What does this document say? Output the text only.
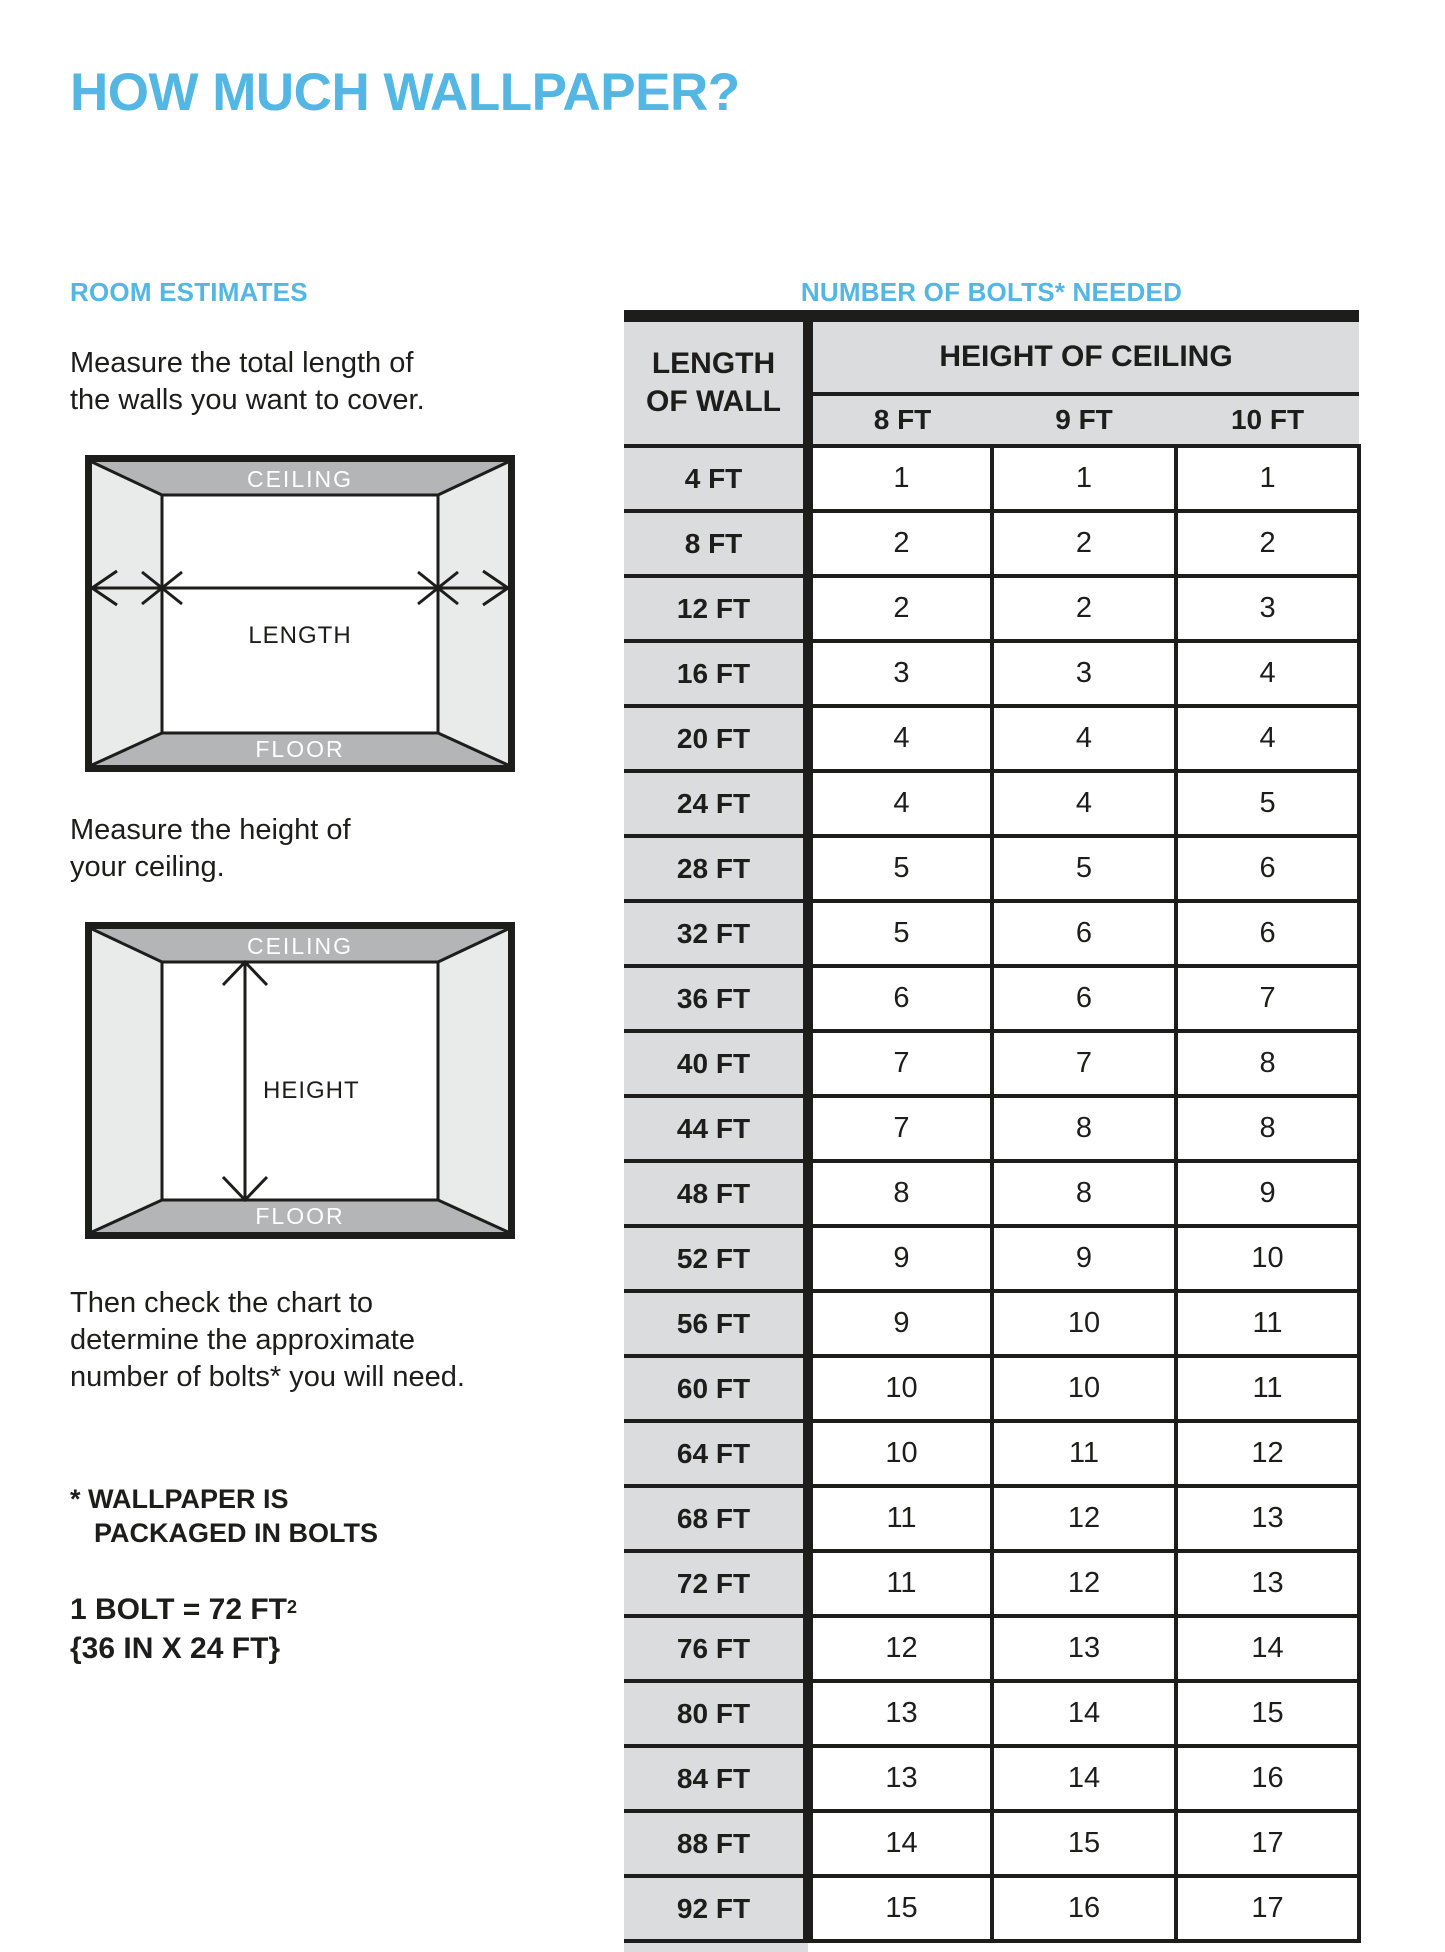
HOW MUCH WALLPAPER?
ROOM ESTIMATES

Measure the total length of
the walls you want to cover.

CEILING
FLOOR
LENGTH

Measure the height of
your ceiling.

CEILING
FLOOR
HEIGHT

Then check the chart to
determine the approximate
number of bolts* you will need.

* WALLPAPER IS
PACKAGED IN BOLTS

1 BOLT = 72 $FT^2$
{36 IN X 24 FT}

NUMBER OF BOLTS* NEEDED
LENGTH
OF WALL	HEIGHT OF CEILING		
	8 FT	9 FT	10 FT
4 FT	1	1	1
8 FT	2	2	2
12 FT	2	2	3
16 FT	3	3	4
20 FT	4	4	4
24 FT	4	4	5
28 FT	5	5	6
32 FT	5	6	6
36 FT	6	6	7
40 FT	7	7	8
44 FT	7	8	8
48 FT	8	8	9
52 FT	9	9	10
56 FT	9	10	11
60 FT	10	10	11
64 FT	10	11	12
68 FT	11	12	13
72 FT	11	12	13
76 FT	12	13	14
80 FT	13	14	15
84 FT	13	14	16
88 FT	14	15	17
92 FT	15	16	17
